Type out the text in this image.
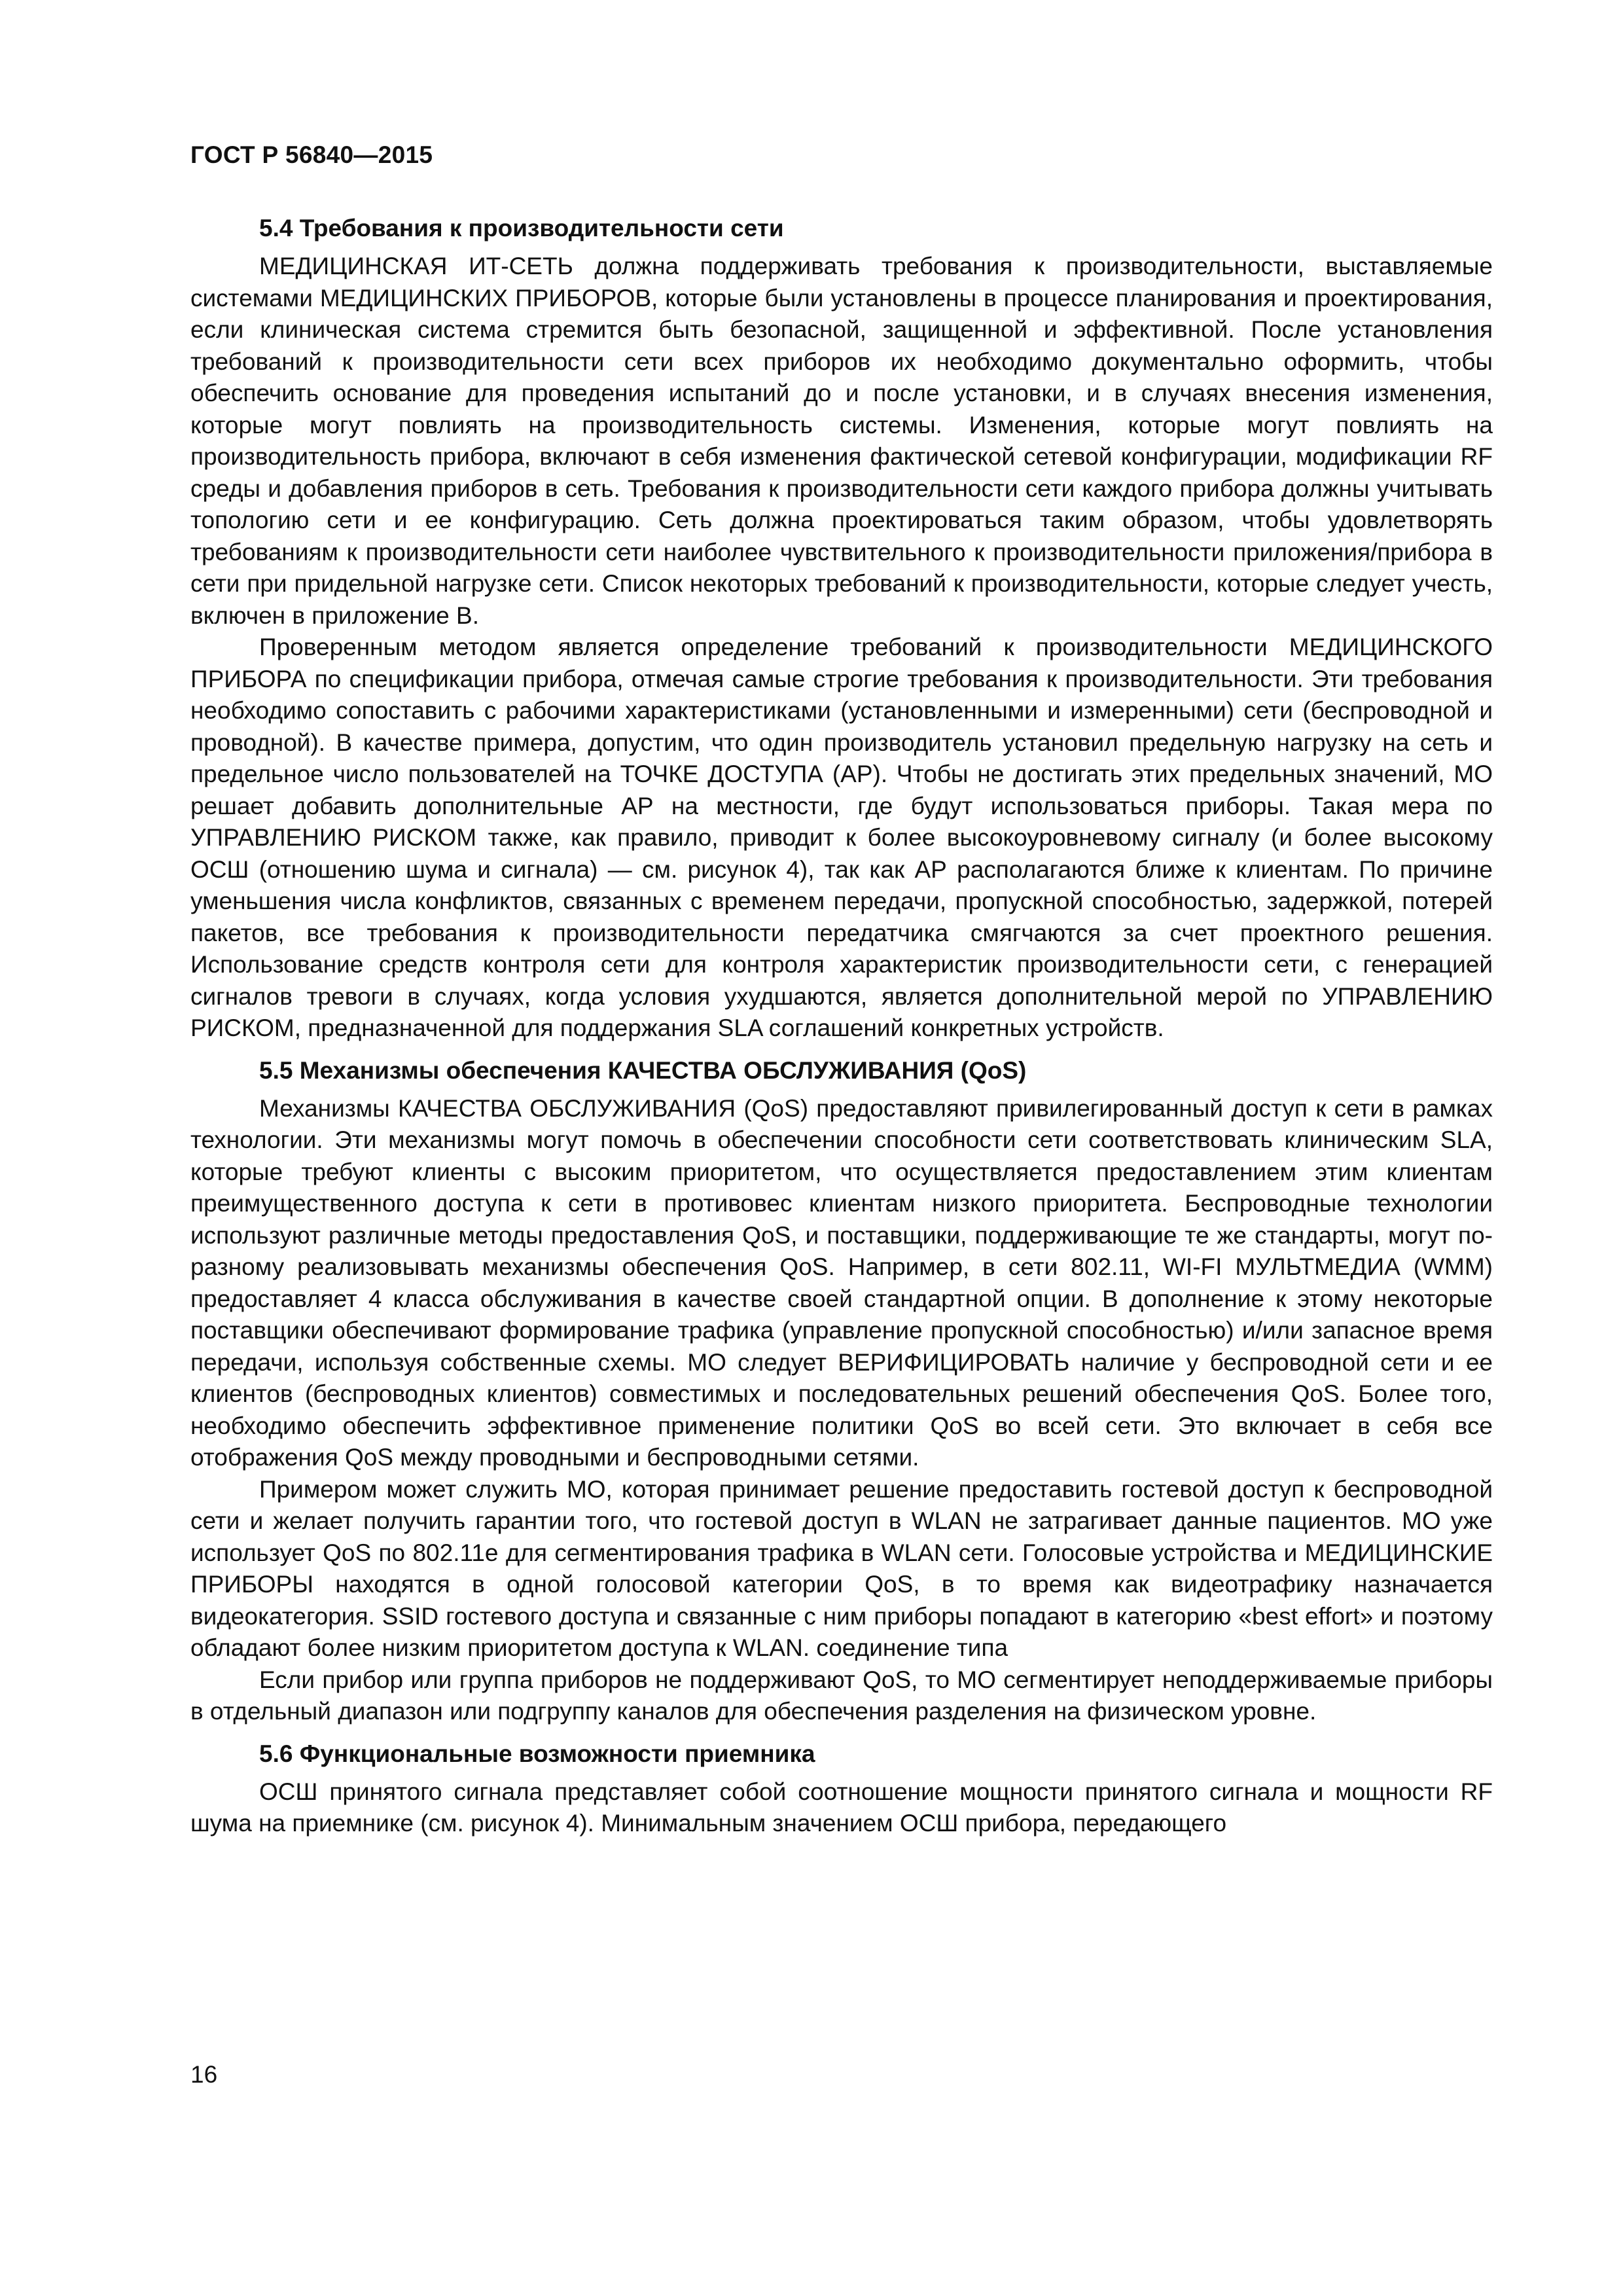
ГОСТ Р 56840—2015
5.4 Требования к производительности сети

МЕДИЦИНСКАЯ ИТ-СЕТЬ должна поддерживать требования к производительности, выставляемые системами МЕДИЦИНСКИХ ПРИБОРОВ, которые были установлены в процессе планирования и проектирования, если клиническая система стремится быть безопасной, защищенной и эффективной. После установления требований к производительности сети всех приборов их необходимо документально оформить, чтобы обеспечить основание для проведения испытаний до и после установки, и в случаях внесения изменения, которые могут повлиять на производительность системы. Изменения, которые могут повлиять на производительность прибора, включают в себя изменения фактической сетевой конфигурации, модификации RF среды и добавления приборов в сеть. Требования к производительности сети каждого прибора должны учитывать топологию сети и ее конфигурацию. Сеть должна проектироваться таким образом, чтобы удовлетворять требованиям к производительности сети наиболее чувствительного к производительности приложения/прибора в сети при придельной нагрузке сети. Список некоторых требований к производительности, которые следует учесть, включен в приложение В.

Проверенным методом является определение требований к производительности МЕДИЦИНСКОГО ПРИБОРА по спецификации прибора, отмечая самые строгие требования к производительности. Эти требования необходимо сопоставить с рабочими характеристиками (установленными и измеренными) сети (беспроводной и проводной). В качестве примера, допустим, что один производитель установил предельную нагрузку на сеть и предельное число пользователей на ТОЧКЕ ДОСТУПА (АР). Чтобы не достигать этих предельных значений, МО решает добавить дополнительные АР на местности, где будут использоваться приборы. Такая мера по УПРАВЛЕНИЮ РИСКОМ также, как правило, приводит к более высокоуровневому сигналу (и более высокому ОСШ (отношению шума и сигнала) — см. рисунок 4), так как АР располагаются ближе к клиентам. По причине уменьшения числа конфликтов, связанных с временем передачи, пропускной способностью, задержкой, потерей пакетов, все требования к производительности передатчика смягчаются за счет проектного решения. Использование средств контроля сети для контроля характеристик производительности сети, с генерацией сигналов тревоги в случаях, когда условия ухудшаются, является дополнительной мерой по УПРАВЛЕНИЮ РИСКОМ, предназначенной для поддержания SLA соглашений конкретных устройств.

5.5 Механизмы обеспечения КАЧЕСТВА ОБСЛУЖИВАНИЯ (QoS)

Механизмы КАЧЕСТВА ОБСЛУЖИВАНИЯ (QoS) предоставляют привилегированный доступ к сети в рамках технологии. Эти механизмы могут помочь в обеспечении способности сети соответствовать клиническим SLA, которые требуют клиенты с высоким приоритетом, что осуществляется предоставлением этим клиентам преимущественного доступа к сети в противовес клиентам низкого приоритета. Беспроводные технологии используют различные методы предоставления QoS, и поставщики, поддерживающие те же стандарты, могут по-разному реализовывать механизмы обеспечения QoS. Например, в сети 802.11, WI-FI МУЛЬТМЕДИА (WMM) предоставляет 4 класса обслуживания в качестве своей стандартной опции. В дополнение к этому некоторые поставщики обеспечивают формирование трафика (управление пропускной способностью) и/или запасное время передачи, используя собственные схемы. МО следует ВЕРИФИЦИРОВАТЬ наличие у беспроводной сети и ее клиентов (беспроводных клиентов) совместимых и последовательных решений обеспечения QoS. Более того, необходимо обеспечить эффективное применение политики QoS во всей сети. Это включает в себя все отображения QoS между проводными и беспроводными сетями.

Примером может служить МО, которая принимает решение предоставить гостевой доступ к беспроводной сети и желает получить гарантии того, что гостевой доступ в WLAN не затрагивает данные пациентов. МО уже использует QoS по 802.11е для сегментирования трафика в WLAN сети. Голосовые устройства и МЕДИЦИНСКИЕ ПРИБОРЫ находятся в одной голосовой категории QoS, в то время как видеотрафику назначается видеокатегория. SSID гостевого доступа и связанные с ним приборы попадают в категорию «best effort» и поэтому обладают более низким приоритетом доступа к WLAN. соединение типа

Если прибор или группа приборов не поддерживают QoS, то МО сегментирует неподдерживаемые приборы в отдельный диапазон или подгруппу каналов для обеспечения разделения на физическом уровне.

5.6 Функциональные возможности приемника

ОСШ принятого сигнала представляет собой соотношение мощности принятого сигнала и мощности RF шума на приемнике (см. рисунок 4). Минимальным значением ОСШ прибора, передающего

16
